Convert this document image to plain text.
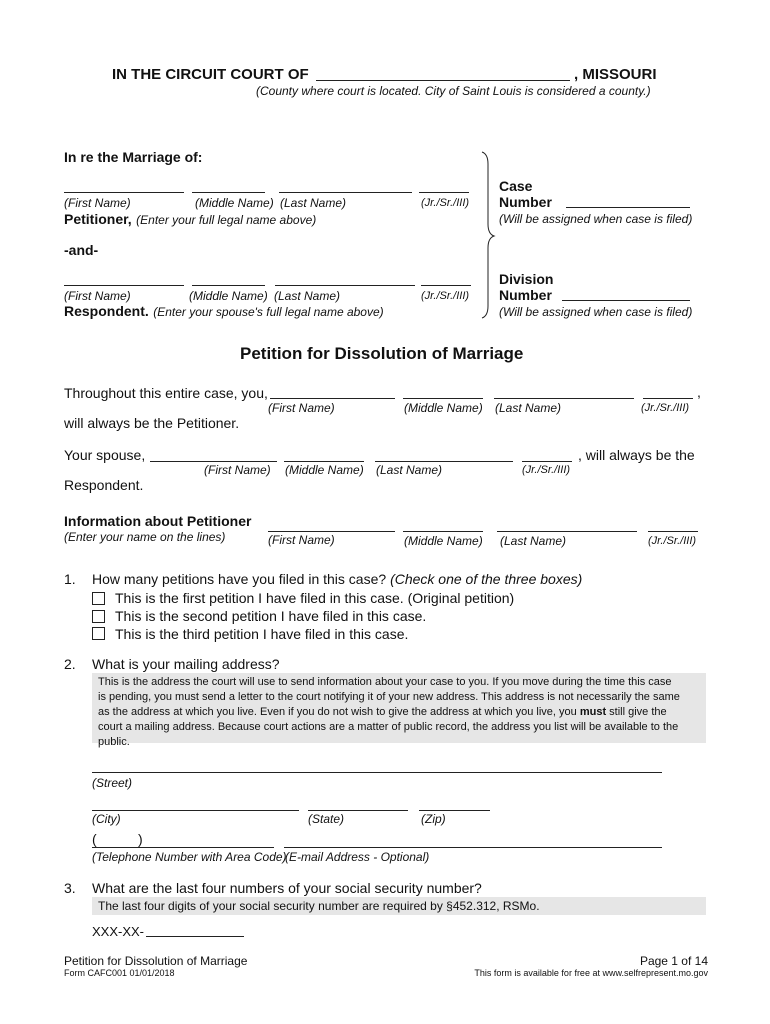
IN THE CIRCUIT COURT OF	, MISSOURI
(County where court is located. City of Saint Louis is considered a county.)
In re the Marriage of:
(First Name)	(Middle Name) (Last Name)	(Jr./Sr./III)
Petitioner, (Enter your full legal name above)
-and-
(First Name)	(Middle Name) (Last Name)	(Jr./Sr./III)
Respondent. (Enter your spouse's full legal name above)
Case
Number
(Will be assigned when case is filed)
Division
Number
(Will be assigned when case is filed)
Petition for Dissolution of Marriage
Throughout this entire case, you,	,
(First Name)	(Middle Name) (Last Name)	(Jr./Sr./III)
will always be the Petitioner.
Your spouse,	, will always be the
(First Name) (Middle Name) (Last Name)	(Jr./Sr./III)
Respondent.
Information about Petitioner
(Enter your name on the lines)	(First Name)	(Middle Name) (Last Name)	(Jr./Sr./III)
1. How many petitions have you filed in this case? (Check one of the three boxes)
This is the first petition I have filed in this case. (Original petition)
This is the second petition I have filed in this case.
This is the third petition I have filed in this case.
2. What is your mailing address?
This is the address the court will use to send information about your case to you. If you move during the time this case
is pending, you must send a letter to the court notifying it of your new address. This address is not necessarily the same
as the address at which you live. Even if you do not wish to give the address at which you live, you must still give the
court a mailing address. Because court actions are a matter of public record, the address you list will be available to the
public.
(Street)
(City)	(State)	(Zip)
(	)
(Telephone Number with Area Code)
(E-mail Address - Optional)
3. What are the last four numbers of your social security number?
The last four digits of your social security number are required by §452.312, RSMo.
XXX-XX-
Petition for Dissolution of Marriage
Form CAFC001 01/01/2018
Page 1 of 14
This form is available for free at www.selfrepresent.mo.gov
